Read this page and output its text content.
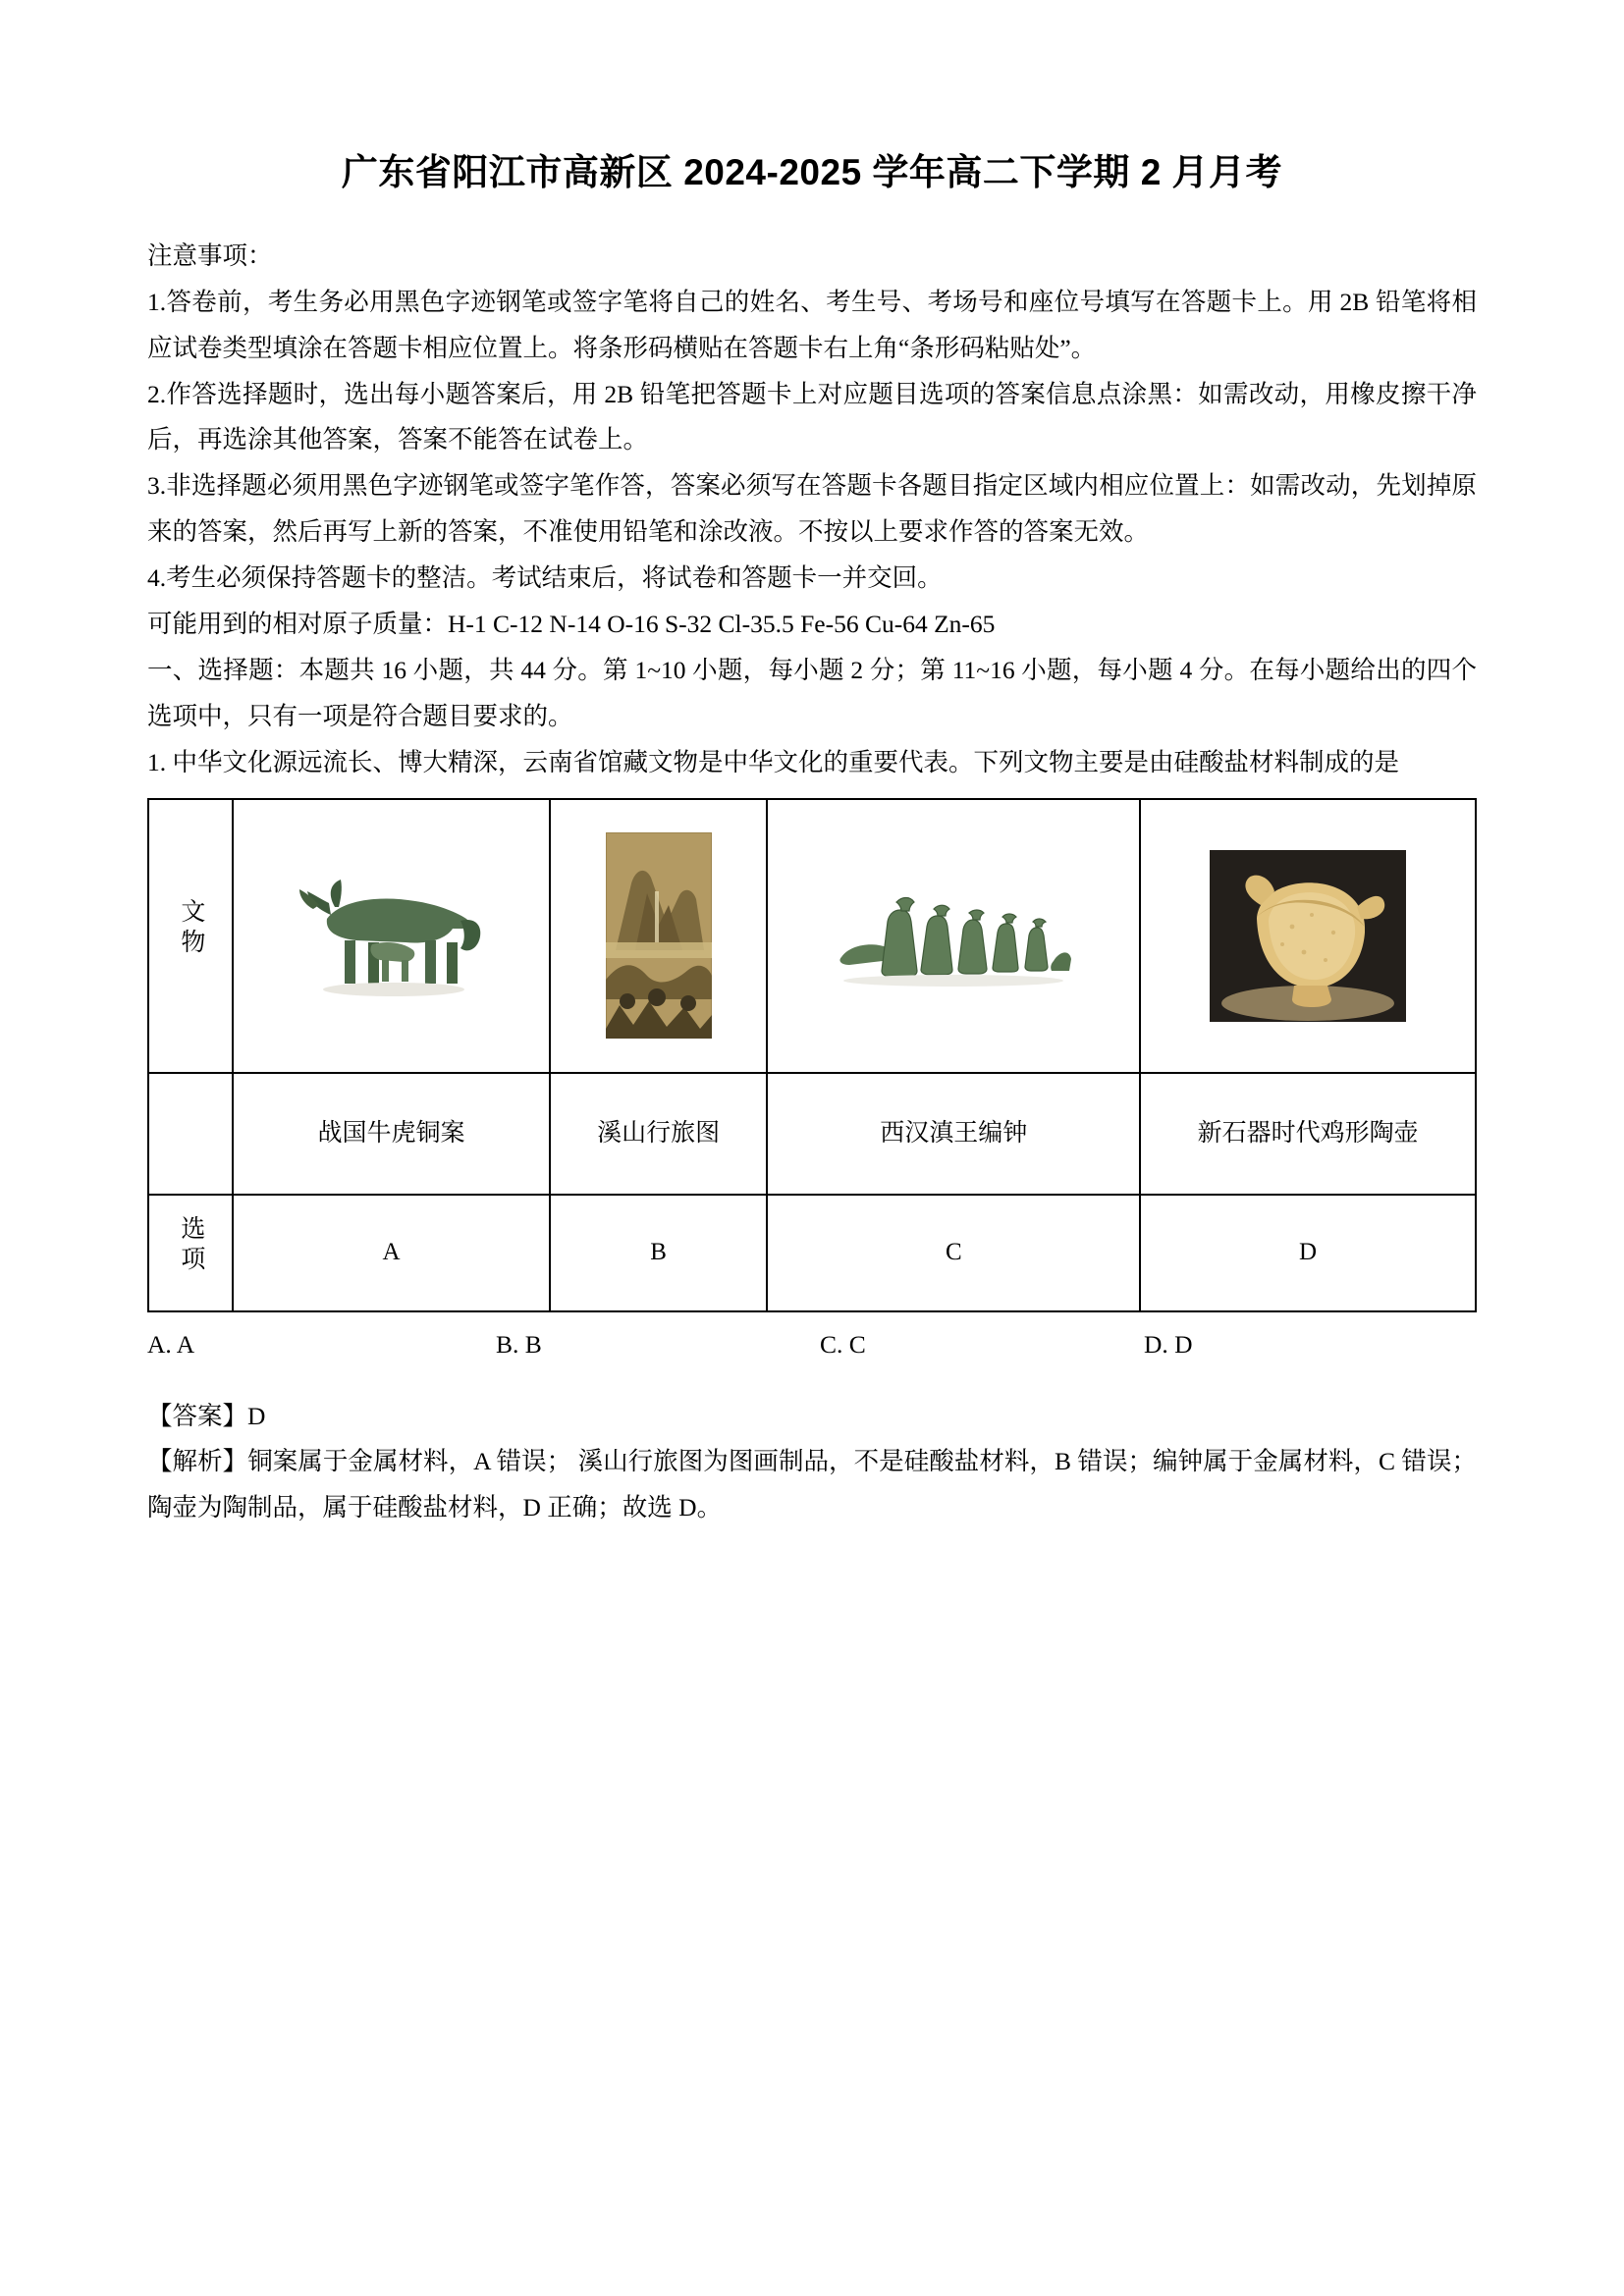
广东省阳江市高新区 2024-2025 学年高二下学期 2 月月考

注意事项：

1.答卷前，考生务必用黑色字迹钢笔或签字笔将自己的姓名、考生号、考场号和座位号填写在答题卡上。用 2B 铅笔将相应试卷类型填涂在答题卡相应位置上。将条形码横贴在答题卡右上角“条形码粘贴处”。

2.作答选择题时，选出每小题答案后，用 2B 铅笔把答题卡上对应题目选项的答案信息点涂黑：如需改动，用橡皮擦干净后，再选涂其他答案，答案不能答在试卷上。

3.非选择题必须用黑色字迹钢笔或签字笔作答，答案必须写在答题卡各题目指定区域内相应位置上：如需改动，先划掉原来的答案，然后再写上新的答案，不准使用铅笔和涂改液。不按以上要求作答的答案无效。

4.考生必须保持答题卡的整洁。考试结束后，将试卷和答题卡一并交回。

可能用到的相对原子质量：H-1 C-12 N-14 O-16 S-32 Cl-35.5 Fe-56 Cu-64 Zn-65

一、选择题：本题共 16 小题，共 44 分。第 1~10 小题，每小题 2 分；第 11~16 小题，每小题 4 分。在每小题给出的四个选项中，只有一项是符合题目要求的。

1. 中华文化源远流长、博大精深，云南省馆藏文物是中华文化的重要代表。下列文物主要是由硅酸盐材料制成的是

文物	

	战国牛虎铜案	溪山行旅图	西汉滇王编钟	新石器时代鸡形陶壶
选项	A	B	C	D
A. A	B. B	C. C	D. D

【答案】D

【解析】铜案属于金属材料，A 错误； 溪山行旅图为图画制品，不是硅酸盐材料，B 错误；编钟属于金属材料，C 错误； 陶壶为陶制品，属于硅酸盐材料，D 正确；故选 D。
